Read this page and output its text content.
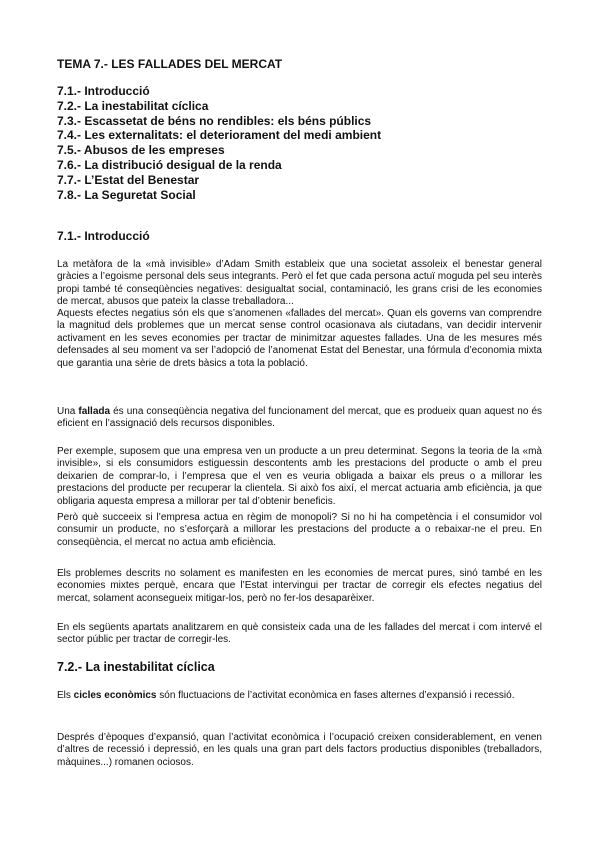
TEMA 7.- LES FALLADES DEL MERCAT
7.1.- Introducció
7.2.- La inestabilitat cíclica
7.3.- Escassetat de béns no rendibles: els béns públics
7.4.- Les externalitats: el deteriorament del medi ambient
7.5.- Abusos de les empreses
7.6.- La distribució desigual de la renda
7.7.- L’Estat del Benestar
7.8.- La Seguretat Social
7.1.- Introducció

La metàfora de la «mà invisible» d’Adam Smith estableix que una societat assoleix el benestar general gràcies a l’egoisme personal dels seus integrants. Però el fet que cada persona actuï moguda pel seu interès propi també té conseqüències negatives: desigualtat social, contaminació, les grans crisi de les economies de mercat, abusos que pateix la classe treballadora...

Aquests efectes negatius són els que s’anomenen «fallades del mercat». Quan els governs van comprendre la magnitud dels problemes que un mercat sense control ocasionava als ciutadans, van decidir intervenir activament en les seves economies per tractar de minimitzar aquestes fallades. Una de les mesures més defensades al seu moment va ser l’adopció de l’anomenat Estat del Benestar, una fórmula d’economia mixta que garantia una sèrie de drets bàsics a tota la població.

Una fallada és una conseqüència negativa del funcionament del mercat, que es produeix quan aquest no és eficient en l’assignació dels recursos disponibles.

Per exemple, suposem que una empresa ven un producte a un preu determinat. Segons la teoria de la «mà invisible», si els consumidors estiguessin descontents amb les prestacions del producte o amb el preu deixarien de comprar-lo, i l’empresa que el ven es veuria obligada a baixar els preus o a millorar les prestacions del producte per recuperar la clientela. Si això fos així, el mercat actuaria amb eficiència, ja que obligaria aquesta empresa a millorar per tal d’obtenir beneficis.

Però què succeeix si l’empresa actua en règim de monopoli? Si no hi ha competència i el consumidor vol consumir un producte, no s’esforçarà a millorar les prestacions del producte a o rebaixar-ne el preu. En conseqüència, el mercat no actua amb eficiència.

Els problemes descrits no solament es manifesten en les economies de mercat pures, sinó també en les economies mixtes perquè, encara que l’Estat intervingui per tractar de corregir els efectes negatius del mercat, solament aconsegueix mitigar-los, però no fer-los desaparèixer.

En els següents apartats analitzarem en què consisteix cada una de les fallades del mercat i com intervé el sector públic per tractar de corregir-les.

7.2.- La inestabilitat cíclica

Els cicles econòmics són fluctuacions de l’activitat econòmica en fases alternes d’expansió i recessió.

Després d’èpoques d’expansió, quan l’activitat econòmica i l’ocupació creixen considerablement, en venen d’altres de recessió i depressió, en les quals una gran part dels factors productius disponibles (treballadors, màquines...) romanen ociosos.
